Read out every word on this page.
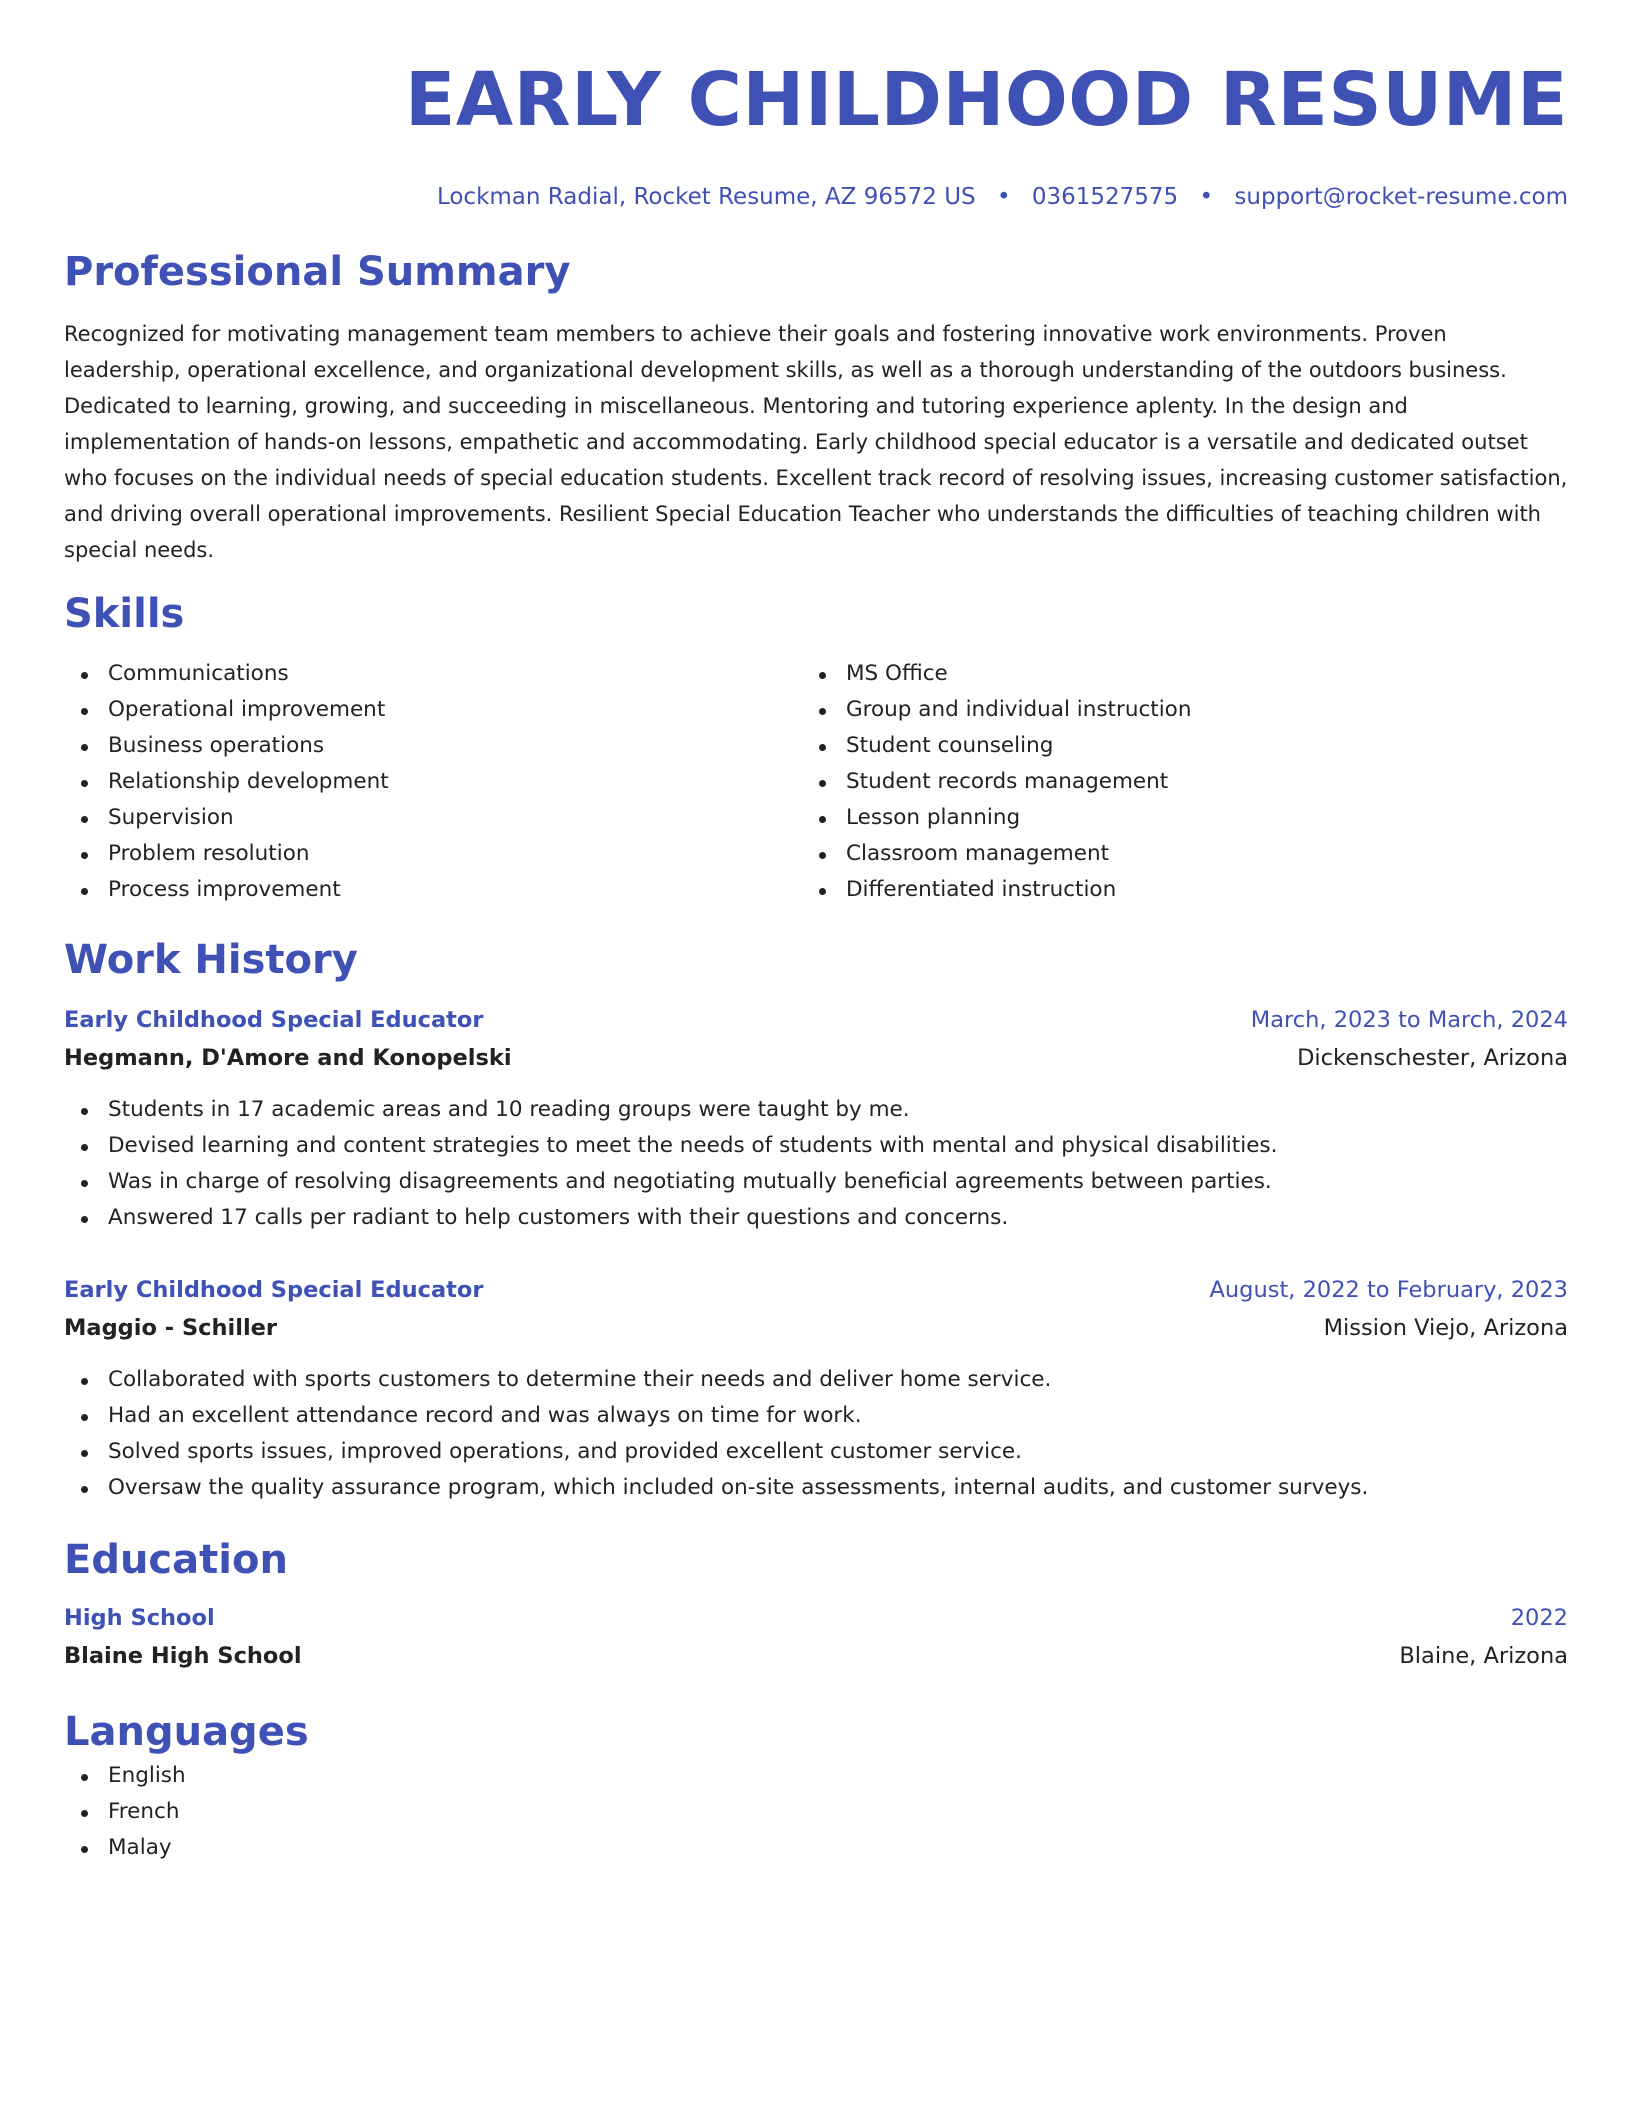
EARLY CHILDHOOD RESUME
Lockman Radial, Rocket Resume, AZ 96572 US • 0361527575 • support@rocket-resume.com
Professional Summary
Recognized for motivating management team members to achieve their goals and fostering innovative work environments. Proven leadership, operational excellence, and organizational development skills, as well as a thorough understanding of the outdoors business. Dedicated to learning, growing, and succeeding in miscellaneous. Mentoring and tutoring experience aplenty. In the design and implementation of hands-on lessons, empathetic and accommodating. Early childhood special educator is a versatile and dedicated outset who focuses on the individual needs of special education students. Excellent track record of resolving issues, increasing customer satisfaction, and driving overall operational improvements. Resilient Special Education Teacher who understands the difficulties of teaching children with special needs.
Skills
Communications
Operational improvement
Business operations
Relationship development
Supervision
Problem resolution
Process improvement
MS Office
Group and individual instruction
Student counseling
Student records management
Lesson planning
Classroom management
Differentiated instruction
Work History
Early Childhood Special Educator	March, 2023 to March, 2024
Hegmann, D'Amore and Konopelski	Dickenschester, Arizona
Students in 17 academic areas and 10 reading groups were taught by me.
Devised learning and content strategies to meet the needs of students with mental and physical disabilities.
Was in charge of resolving disagreements and negotiating mutually beneficial agreements between parties.
Answered 17 calls per radiant to help customers with their questions and concerns.
Early Childhood Special Educator	August, 2022 to February, 2023
Maggio - Schiller	Mission Viejo, Arizona
Collaborated with sports customers to determine their needs and deliver home service.
Had an excellent attendance record and was always on time for work.
Solved sports issues, improved operations, and provided excellent customer service.
Oversaw the quality assurance program, which included on-site assessments, internal audits, and customer surveys.
Education
High School	2022
Blaine High School	Blaine, Arizona
Languages
English
French
Malay
